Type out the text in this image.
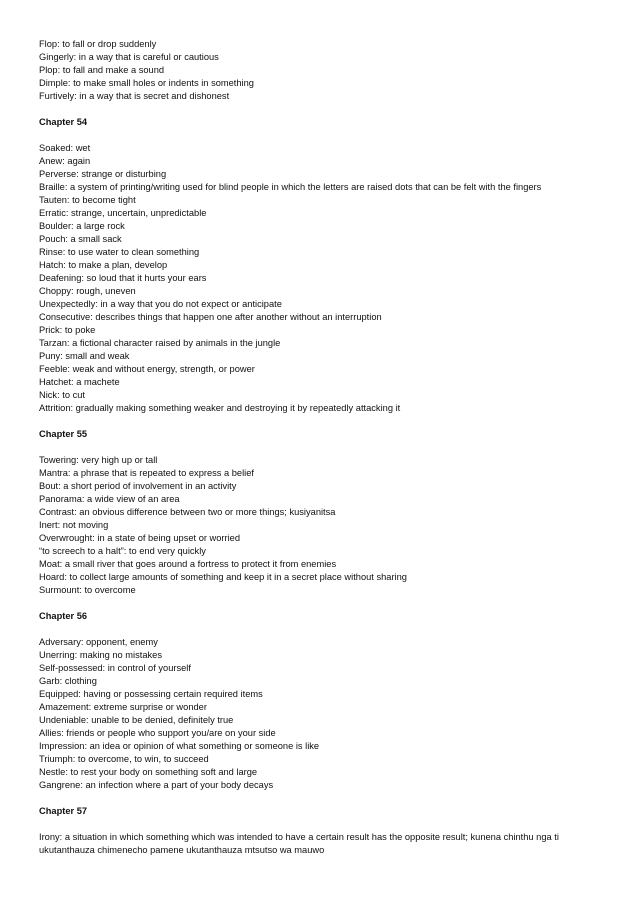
Flop: to fall or drop suddenly
Gingerly: in a way that is careful or cautious
Plop: to fall and make a sound
Dimple: to make small holes or indents in something
Furtively: in a way that is secret and dishonest
Chapter 54
Soaked: wet
Anew: again
Perverse: strange or disturbing
Braille: a system of printing/writing used for blind people in which the letters are raised dots that can be felt with the fingers
Tauten: to become tight
Erratic: strange, uncertain, unpredictable
Boulder: a large rock
Pouch: a small sack
Rinse: to use water to clean something
Hatch: to make a plan, develop
Deafening: so loud that it hurts your ears
Choppy: rough, uneven
Unexpectedly: in a way that you do not expect or anticipate
Consecutive: describes things that happen one after another without an interruption
Prick: to poke
Tarzan: a fictional character raised by animals in the jungle
Puny: small and weak
Feeble: weak and without energy, strength, or power
Hatchet: a machete
Nick: to cut
Attrition: gradually making something weaker and destroying it by repeatedly attacking it
Chapter 55
Towering: very high up or tall
Mantra: a phrase that is repeated to express a belief
Bout: a short period of involvement in an activity
Panorama: a wide view of an area
Contrast: an obvious difference between two or more things; kusiyanitsa
Inert: not moving
Overwrought: in a state of being upset or worried
“to screech to a halt”: to end very quickly
Moat: a small river that goes around a fortress to protect it from enemies
Hoard: to collect large amounts of something and keep it in a secret place without sharing
Surmount: to overcome
Chapter 56
Adversary: opponent, enemy
Unerring: making no mistakes
Self-possessed: in control of yourself
Garb: clothing
Equipped: having or possessing certain required items
Amazement: extreme surprise or wonder
Undeniable: unable to be denied, definitely true
Allies: friends or people who support you/are on your side
Impression: an idea or opinion of what something or someone is like
Triumph: to overcome, to win, to succeed
Nestle: to rest your body on something soft and large
Gangrene: an infection where a part of your body decays
Chapter 57
Irony: a situation in which something which was intended to have a certain result has the opposite result; kunena chinthu nga ti ukutanthauza chimenecho pamene ukutanthauza mtsutso wa mauwo
